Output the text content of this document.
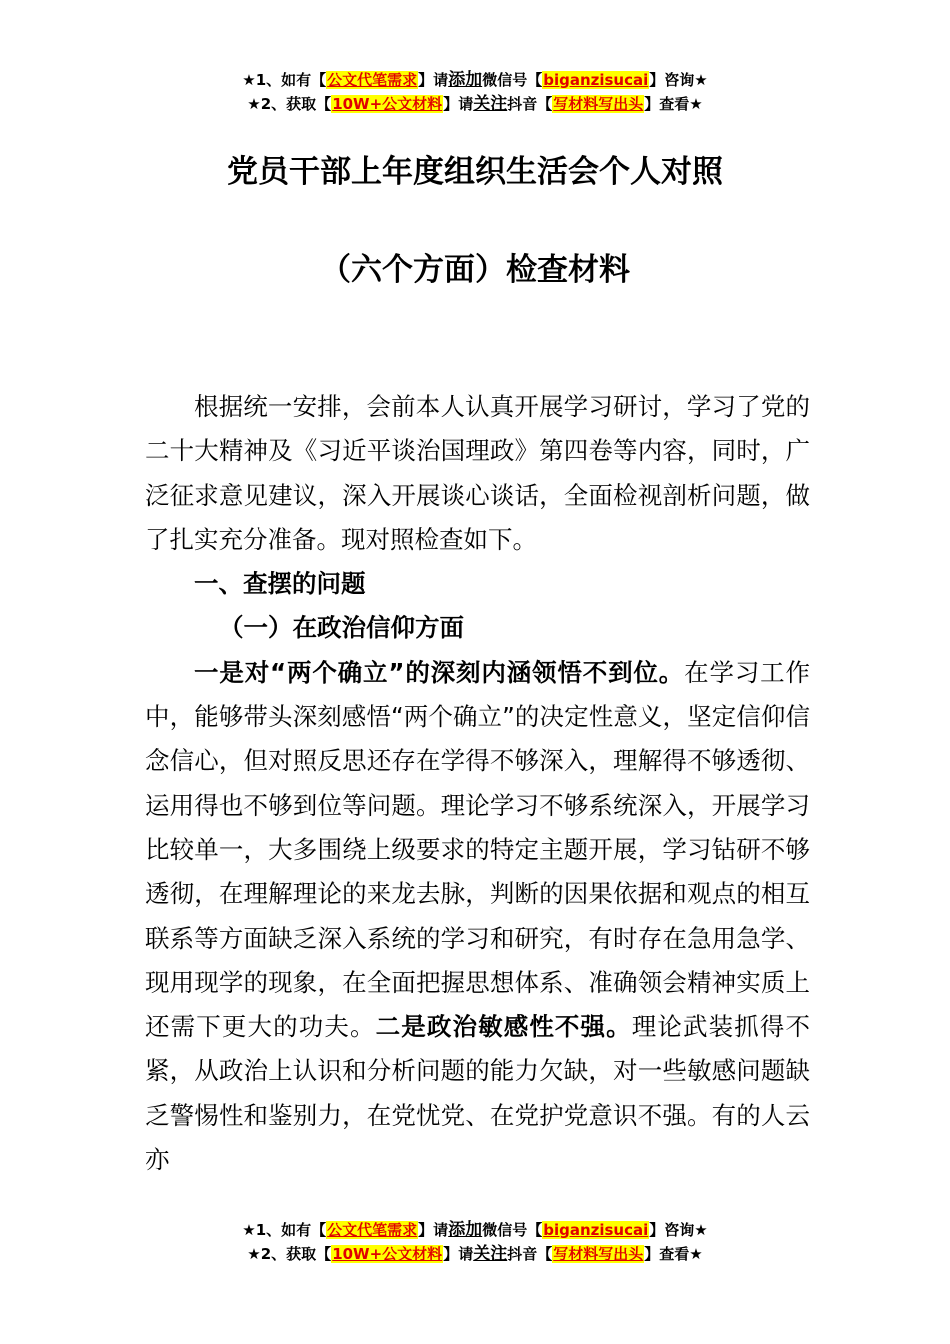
★1、如有【公文代笔需求】请添加微信号【biganzisucai】咨询★
★2、获取【10W+公文材料】请关注抖音【写材料写出头】查看★
党员干部上年度组织生活会个人对照
（六个方面）检查材料

根据统一安排，会前本人认真开展学习研讨，学习了党的二十大精神及《习近平谈治国理政》第四卷等内容，同时，广泛征求意见建议，深入开展谈心谈话，全面检视剖析问题，做了扎实充分准备。现对照检查如下。

一、查摆的问题

（一）在政治信仰方面

一是对“两个确立”的深刻内涵领悟不到位。在学习工作中，能够带头深刻感悟“两个确立”的决定性意义，坚定信仰信念信心，但对照反思还存在学得不够深入，理解得不够透彻、运用得也不够到位等问题。理论学习不够系统深入，开展学习比较单一，大多围绕上级要求的特定主题开展，学习钻研不够透彻，在理解理论的来龙去脉，判断的因果依据和观点的相互联系等方面缺乏深入系统的学习和研究，有时存在急用急学、现用现学的现象，在全面把握思想体系、准确领会精神实质上还需下更大的功夫。二是政治敏感性不强。理论武装抓得不紧，从政治上认识和分析问题的能力欠缺，对一些敏感问题缺乏警惕性和鉴别力，在党忧党、在党护党意识不强。有的人云亦

★1、如有【公文代笔需求】请添加微信号【biganzisucai】咨询★
★2、获取【10W+公文材料】请关注抖音【写材料写出头】查看★
